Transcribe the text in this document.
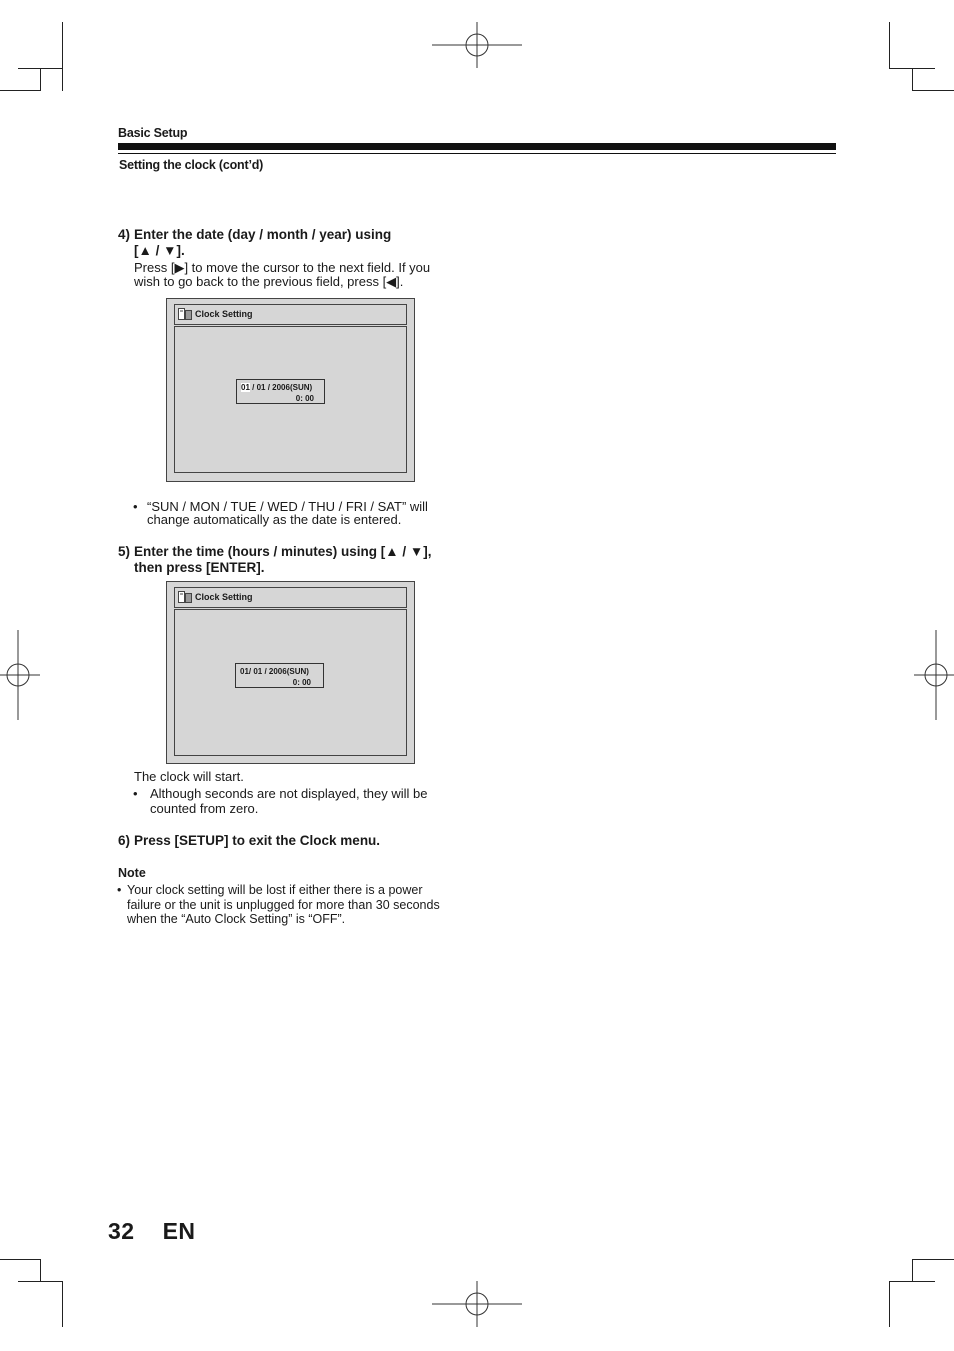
Basic Setup
Setting the clock (cont’d)
4) Enter the date (day / month / year) using
[▲ / ▼].
Press [▶] to move the cursor to the next field. If you
wish to go back to the previous field, press [◀].
Clock Setting
01 / 01 / 2006(SUN)
0: 00
• “SUN / MON / TUE / WED / THU / FRI / SAT” will
change automatically as the date is entered.
5) Enter the time (hours / minutes) using [▲ / ▼],
then press [ENTER].
Clock Setting
01/ 01 / 2006(SUN)
0: 00
The clock will start.
• Although seconds are not displayed, they will be
counted from zero.
6) Press [SETUP] to exit the Clock menu.
Note
• Your clock setting will be lost if either there is a power
failure or the unit is unplugged for more than 30 seconds
when the “Auto Clock Setting” is “OFF”.
32 EN
